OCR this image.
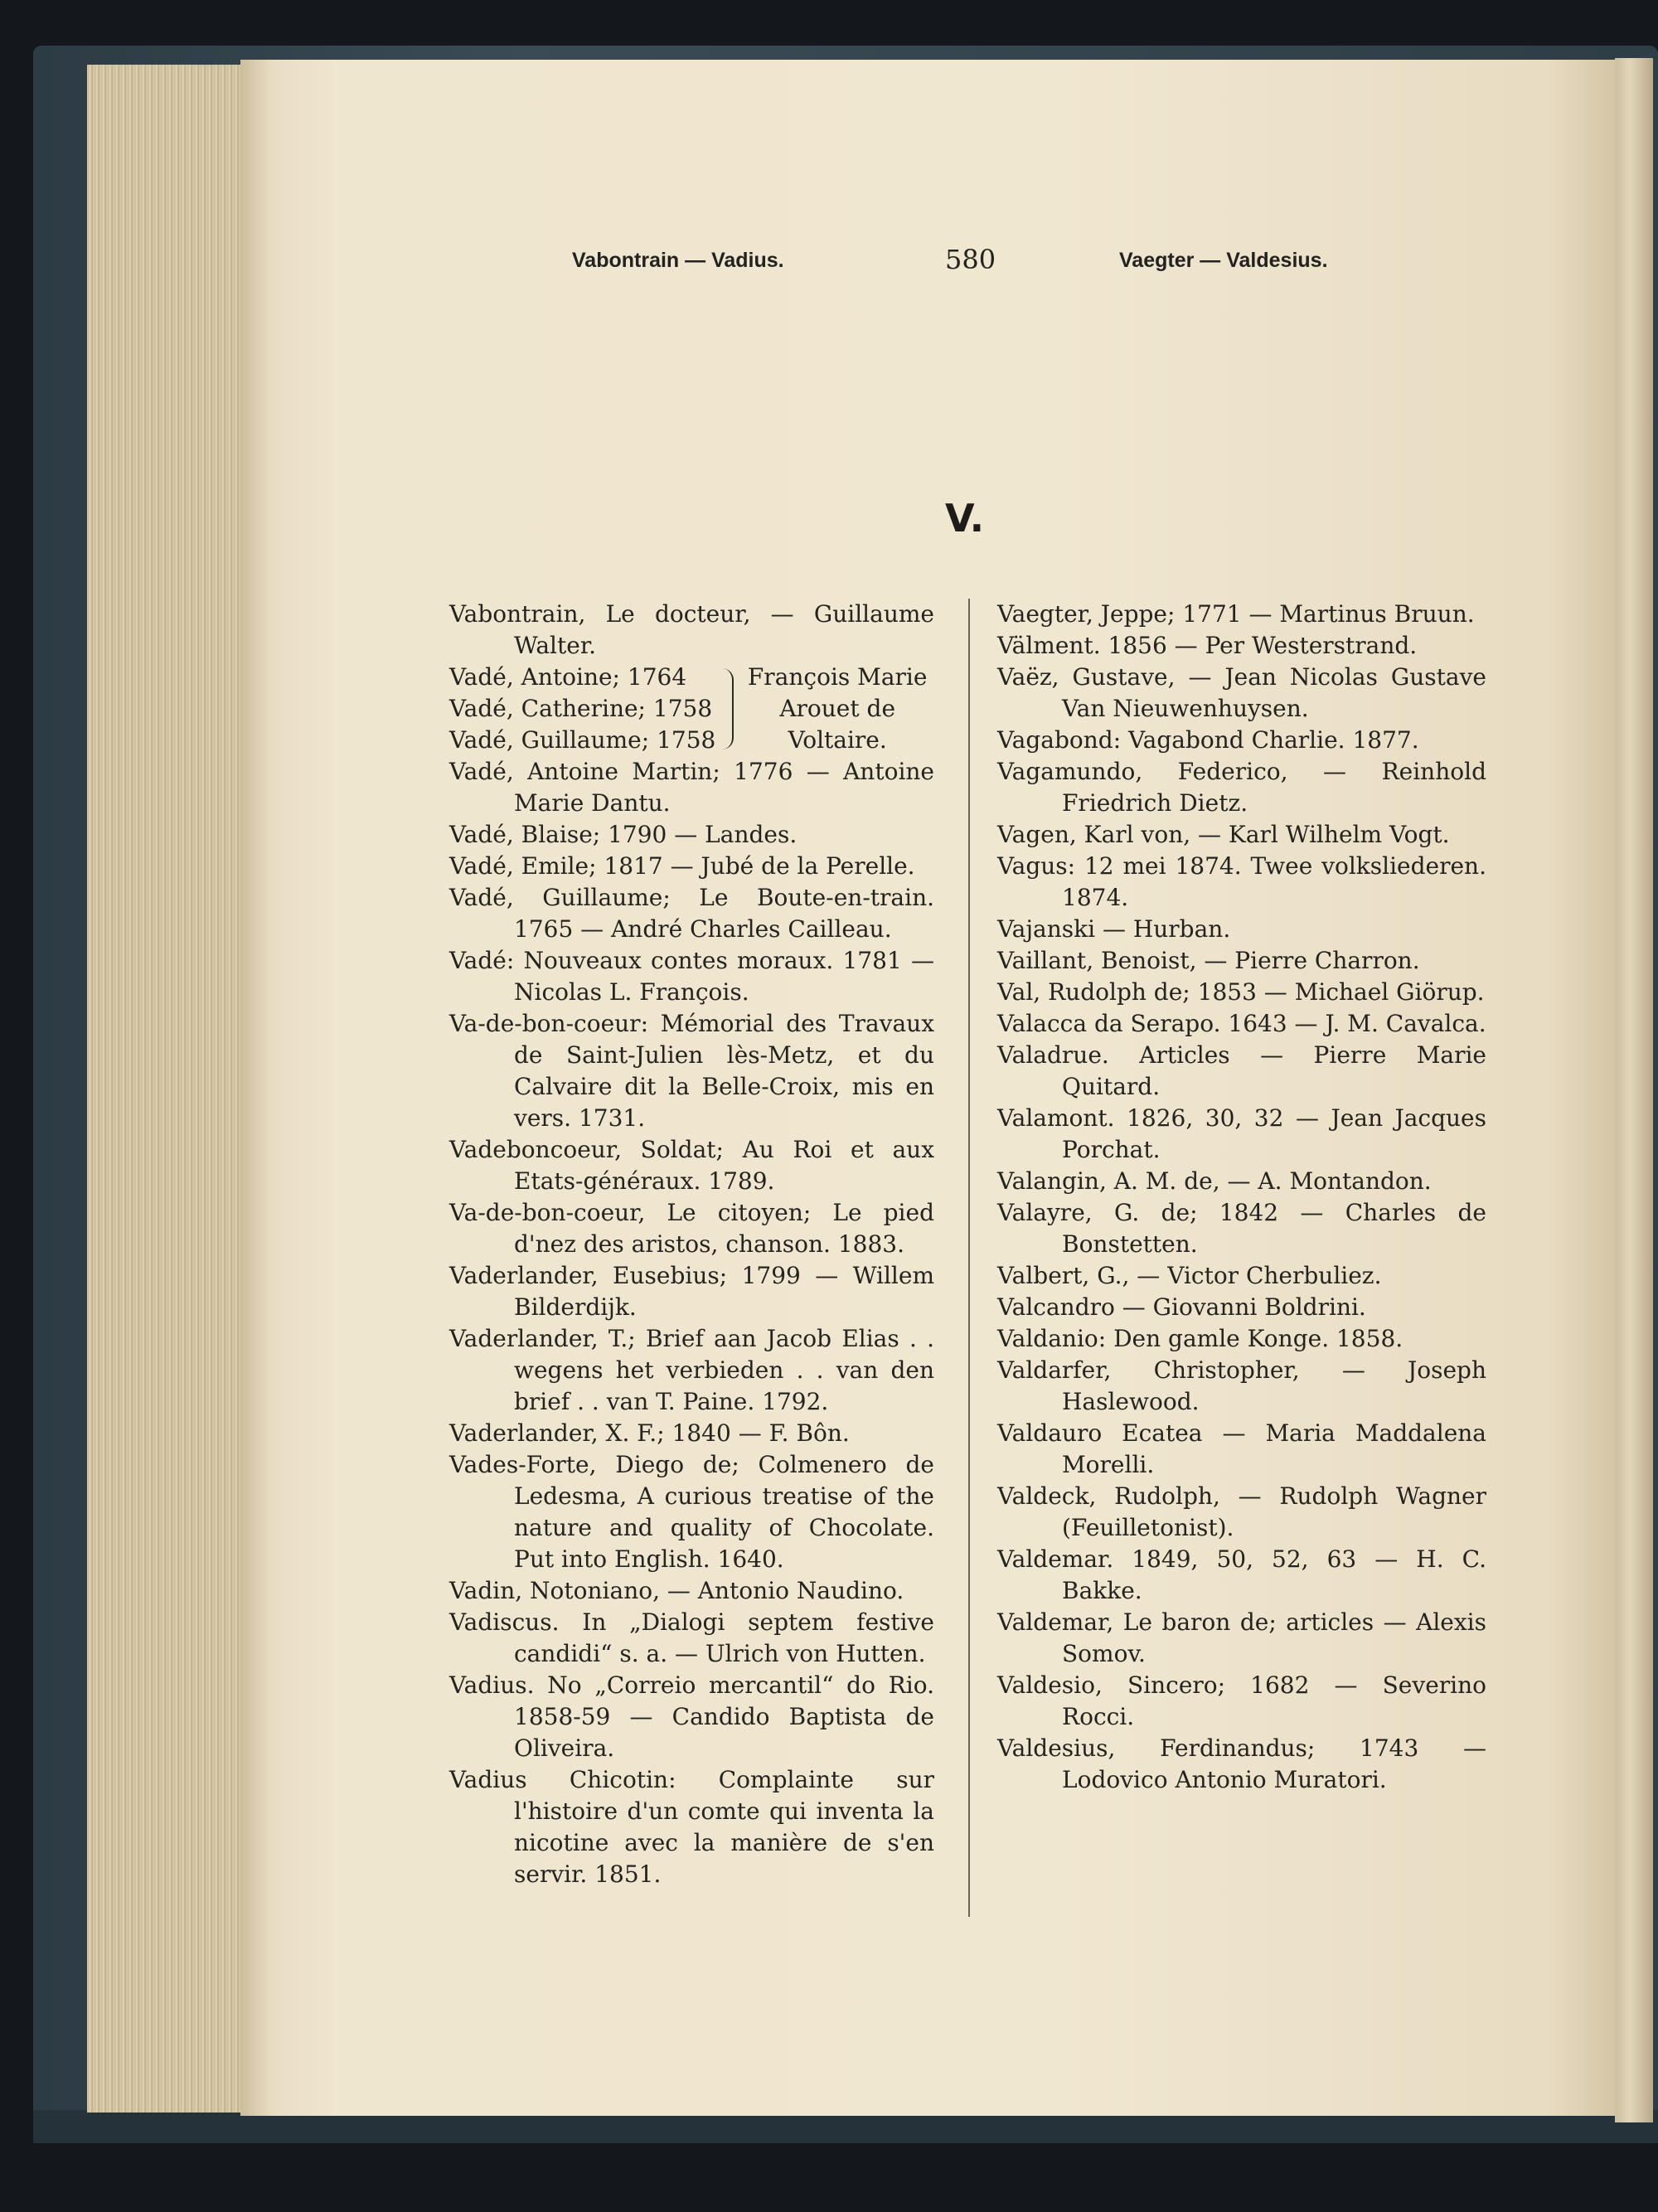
Vabontrain — Vadius.	580	Vaegter — Valdesius.
V.

Vabontrain, Le docteur, — Guillaume Walter.

Vadé, Antoine; 1764
Vadé, Catherine; 1758
Vadé, Guillaume; 1758
François Marie
Arouet de
Voltaire.

Vadé, Antoine Martin; 1776 — Antoine Marie Dantu.

Vadé, Blaise; 1790 — Landes.

Vadé, Emile; 1817 — Jubé de la Perelle.

Vadé, Guillaume; Le Boute-en-train. 1765 — André Charles Cailleau.

Vadé: Nouveaux contes moraux. 1781 — Nicolas L. François.

Va-de-bon-coeur: Mémorial des Travaux de Saint-Julien lès-Metz, et du Calvaire dit la Belle-Croix, mis en vers. 1731.

Vadeboncoeur, Soldat; Au Roi et aux Etats-généraux. 1789.

Va-de-bon-coeur, Le citoyen; Le pied d'nez des aristos, chanson. 1883.

Vaderlander, Eusebius; 1799 — Willem Bilderdijk.

Vaderlander, T.; Brief aan Jacob Elias . . wegens het verbieden . . van den brief . . van T. Paine. 1792.

Vaderlander, X. F.; 1840 — F. Bôn.

Vades-Forte, Diego de; Colmenero de Ledesma, A curious treatise of the nature and quality of Chocolate. Put into English. 1640.

Vadin, Notoniano, — Antonio Naudino.

Vadiscus. In „Dialogi septem festive candidi“ s. a. — Ulrich von Hutten.

Vadius. No „Correio mercantil“ do Rio. 1858-59 — Candido Baptista de Oliveira.

Vadius Chicotin: Complainte sur l'histoire d'un comte qui inventa la nicotine avec la manière de s'en servir. 1851.

Vaegter, Jeppe; 1771 — Martinus Bruun.

Välment. 1856 — Per Westerstrand.

Vaëz, Gustave, — Jean Nicolas Gustave Van Nieuwenhuysen.

Vagabond: Vagabond Charlie. 1877.

Vagamundo, Federico, — Reinhold Friedrich Dietz.

Vagen, Karl von, — Karl Wilhelm Vogt.

Vagus: 12 mei 1874. Twee volksliederen. 1874.

Vajanski — Hurban.

Vaillant, Benoist, — Pierre Charron.

Val, Rudolph de; 1853 — Michael Giörup.

Valacca da Serapo. 1643 — J. M. Cavalca.

Valadrue. Articles — Pierre Marie Quitard.

Valamont. 1826, 30, 32 — Jean Jacques Porchat.

Valangin, A. M. de, — A. Montandon.

Valayre, G. de; 1842 — Charles de Bonstetten.

Valbert, G., — Victor Cherbuliez.

Valcandro — Giovanni Boldrini.

Valdanio: Den gamle Konge. 1858.

Valdarfer, Christopher, — Joseph Haslewood.

Valdauro Ecatea — Maria Maddalena Morelli.

Valdeck, Rudolph, — Rudolph Wagner (Feuilletonist).

Valdemar. 1849, 50, 52, 63 — H. C. Bakke.

Valdemar, Le baron de; articles — Alexis Somov.

Valdesio, Sincero; 1682 — Severino Rocci.

Valdesius, Ferdinandus; 1743 — Lodovico Antonio Muratori.
